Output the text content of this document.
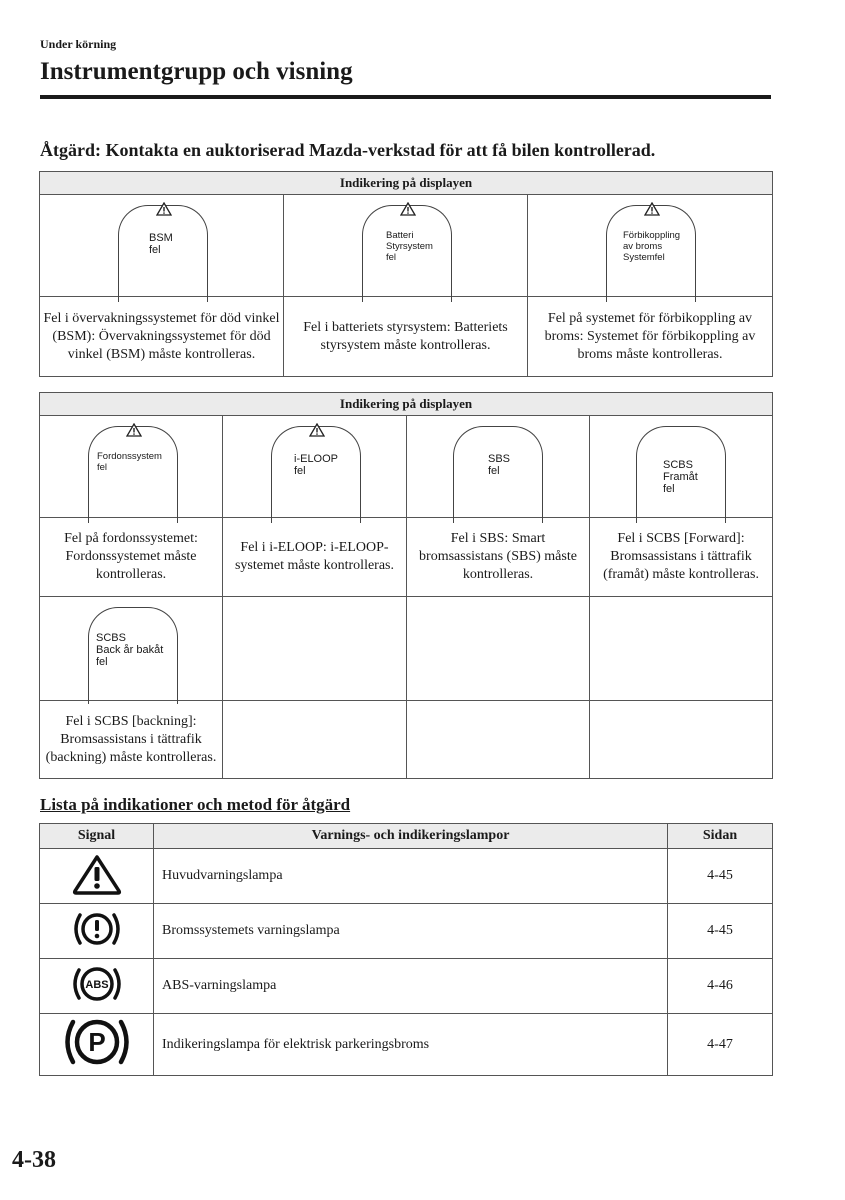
Under körning
Instrumentgrupp och visning
Åtgärd: Kontakta en auktoriserad Mazda-verkstad för att få bilen kontrollerad.
Indikering på displayen		

BSM
fel	Batteri
Styrsystem
fel	Förbikoppling
av broms
Systemfel

Fel i övervakningssystemet för död vinkel (BSM): Övervakningssystemet för död vinkel (BSM) måste kontrolleras.	Fel i batteriets styrsystem: Batteriets styrsystem måste kontrolleras.	Fel på systemet för förbikoppling av broms: Systemet för förbikoppling av broms måste kontrolleras.
Indikering på displayen			

Fordonssystem
fel	i-ELOOP
fel	SBS
fel	SCBS
Framåt
fel

Fel på fordonssystemet: Fordonssystemet måste kontrolleras.	Fel i i-ELOOP: i-ELOOP-systemet måste kontrolleras.	Fel i SBS: Smart bromsassistans (SBS) måste kontrolleras.	Fel i SCBS [Forward]: Bromsassistans i tättrafik (framåt) måste kontrolleras.

SCBS
Back år bakåt
fel			

Fel i SCBS [backning]: Bromsassistans i tättrafik (backning) måste kontrolleras.			
Lista på indikationer och metod för åtgärd
Signal	Varnings- och indikeringslampor	Sidan
	Huvudvarningslampa	4-45
	Bromssystemets varningslampa	4-45

ABS	ABS-varningslampa	4-46

P	Indikeringslampa för elektrisk parkeringsbroms	4-47
4-38
